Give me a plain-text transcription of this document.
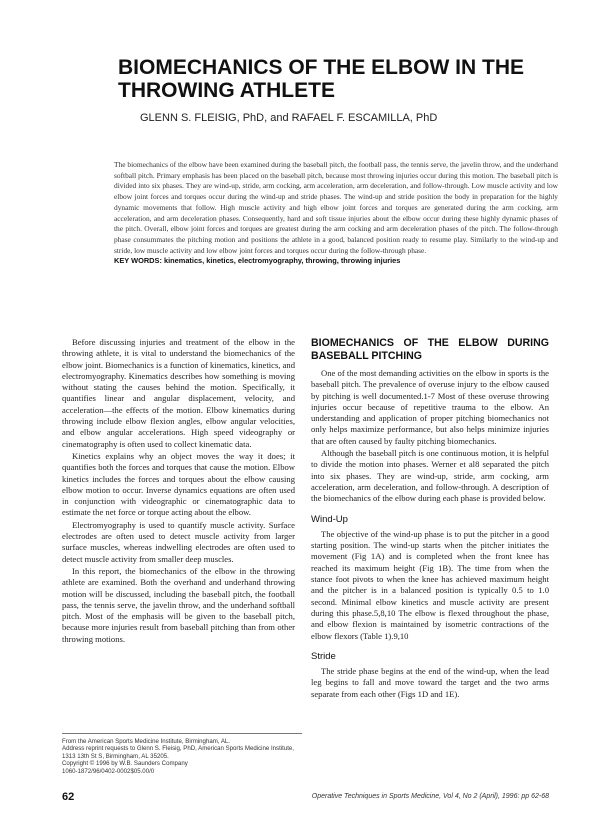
BIOMECHANICS OF THE ELBOW IN THE THROWING ATHLETE
GLENN S. FLEISIG, PhD, and RAFAEL F. ESCAMILLA, PhD

The biomechanics of the elbow have been examined during the baseball pitch, the football pass, the tennis serve, the javelin throw, and the underhand softball pitch. Primary emphasis has been placed on the baseball pitch, because most throwing injuries occur during this motion. The baseball pitch is divided into six phases. They are wind-up, stride, arm cocking, arm acceleration, arm deceleration, and follow-through. Low muscle activity and low elbow joint forces and torques occur during the wind-up and stride phases. The wind-up and stride position the body in preparation for the highly dynamic movements that follow. High muscle activity and high elbow joint forces and torques are generated during the arm cocking, arm acceleration, and arm deceleration phases. Consequently, hard and soft tissue injuries about the elbow occur during these highly dynamic phases of the pitch. Overall, elbow joint forces and torques are greatest during the arm cocking and arm deceleration phases of the pitch. The follow-through phase consummates the pitching motion and positions the athlete in a good, balanced position ready to resume play. Similarly to the wind-up and stride, low muscle activity and low elbow joint forces and torques occur during the follow-through phase.

KEY WORDS: kinematics, kinetics, electromyography, throwing, throwing injuries

Before discussing injuries and treatment of the elbow in the throwing athlete, it is vital to understand the biomechanics of the elbow joint. Biomechanics is a function of kinematics, kinetics, and electromyography. Kinematics describes how something is moving without stating the causes behind the motion. Specifically, it quantifies linear and angular displacement, velocity, and acceleration—the effects of the motion. Elbow kinematics during throwing include elbow flexion angles, elbow angular velocities, and elbow angular accelerations. High speed videography or cinematography is often used to collect kinematic data.

Kinetics explains why an object moves the way it does; it quantifies both the forces and torques that cause the motion. Elbow kinetics includes the forces and torques about the elbow causing elbow motion to occur. Inverse dynamics equations are often used in conjunction with videographic or cinematographic data to estimate the net force or torque acting about the elbow.

Electromyography is used to quantify muscle activity. Surface electrodes are often used to detect muscle activity from larger surface muscles, whereas indwelling electrodes are often used to detect muscle activity from smaller deep muscles.

In this report, the biomechanics of the elbow in the throwing athlete are examined. Both the overhand and underhand throwing motion will be discussed, including the baseball pitch, the football pass, the tennis serve, the javelin throw, and the underhand softball pitch. Most of the emphasis will be given to the baseball pitch, because more injuries result from baseball pitching than from other throwing motions.

BIOMECHANICS OF THE ELBOW DURING BASEBALL PITCHING

One of the most demanding activities on the elbow in sports is the baseball pitch. The prevalence of overuse injury to the elbow caused by pitching is well documented.1-7 Most of these overuse throwing injuries occur because of repetitive trauma to the elbow. An understanding and application of proper pitching biomechanics not only helps maximize performance, but also helps minimize injuries that are often caused by faulty pitching biomechanics.

Although the baseball pitch is one continuous motion, it is helpful to divide the motion into phases. Werner et al8 separated the pitch into six phases. They are wind-up, stride, arm cocking, arm acceleration, arm deceleration, and follow-through. A description of the biomechanics of the elbow during each phase is provided below.

Wind-Up

The objective of the wind-up phase is to put the pitcher in a good starting position. The wind-up starts when the pitcher initiates the movement (Fig 1A) and is completed when the front knee has reached its maximum height (Fig 1B). The time from when the stance foot pivots to when the knee has achieved maximum height and the pitcher is in a balanced position is typically 0.5 to 1.0 second. Minimal elbow kinetics and muscle activity are present during this phase.5,8,10 The elbow is flexed throughout the phase, and elbow flexion is maintained by isometric contractions of the elbow flexors (Table 1).9,10

Stride

The stride phase begins at the end of the wind-up, when the lead leg begins to fall and move toward the target and the two arms separate from each other (Figs 1D and 1E).

From the American Sports Medicine Institute, Birmingham, AL.
Address reprint requests to Glenn S. Fleisig, PhD, American Sports Medicine Institute, 1313 13th St S, Birmingham, AL 35205.
Copyright © 1996 by W.B. Saunders Company
1060-1872/96/0402-0002$05.00/0
62	Operative Techniques in Sports Medicine, Vol 4, No 2 (April), 1996: pp 62-68
